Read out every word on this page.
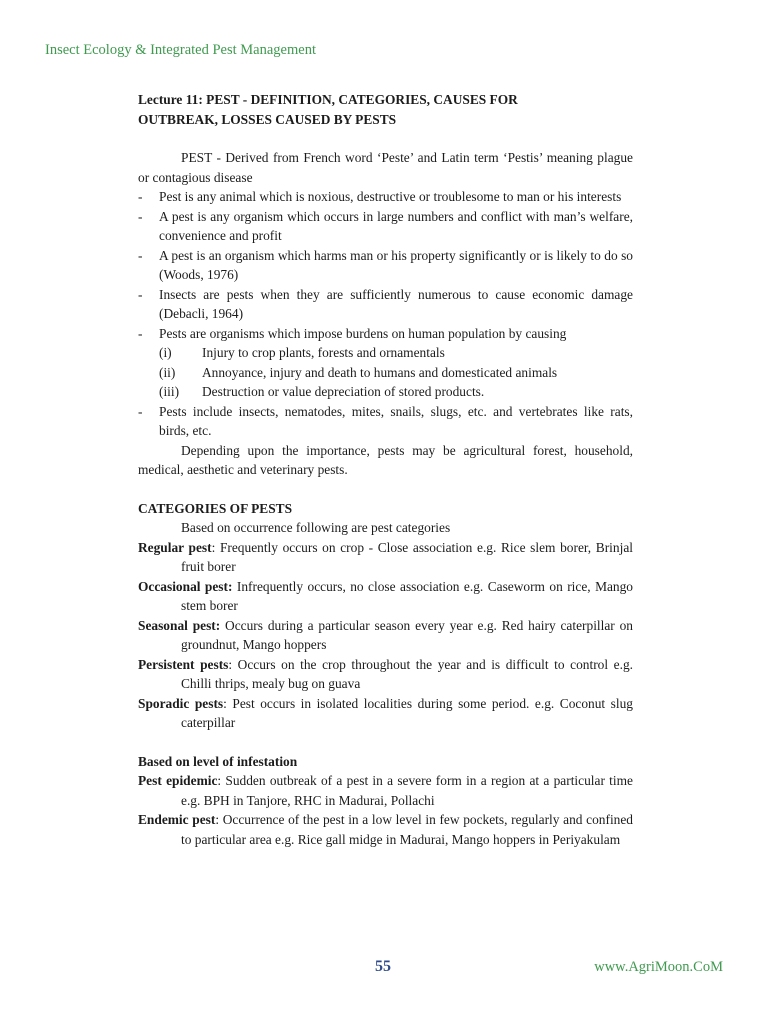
Insect Ecology & Integrated Pest Management
Lecture 11: PEST - DEFINITION, CATEGORIES, CAUSES FOR
OUTBREAK, LOSSES CAUSED BY PESTS

PEST - Derived from French word ‘Peste’ and Latin term ‘Pestis’ meaning plague or contagious disease

- Pest is any animal which is noxious, destructive or troublesome to man or his interests

- A pest is any organism which occurs in large numbers and conflict with man’s welfare, convenience and profit

- A pest is an organism which harms man or his property significantly or is likely to do so (Woods, 1976)

- Insects are pests when they are sufficiently numerous to cause economic damage (Debacli, 1964)

- Pests are organisms which impose burdens on human population by causing

(i) Injury to crop plants, forests and ornamentals

(ii) Annoyance, injury and death to humans and domesticated animals

(iii) Destruction or value depreciation of stored products.

- Pests include insects, nematodes, mites, snails, slugs, etc. and vertebrates like rats, birds, etc.

Depending upon the importance, pests may be agricultural forest, household, medical, aesthetic and veterinary pests.

CATEGORIES OF PESTS

Based on occurrence following are pest categories

Regular pest: Frequently occurs on crop - Close association e.g. Rice slem borer, Brinjal fruit borer

Occasional pest: Infrequently occurs, no close association e.g. Caseworm on rice, Mango stem borer

Seasonal pest: Occurs during a particular season every year e.g. Red hairy caterpillar on groundnut, Mango hoppers

Persistent pests: Occurs on the crop throughout the year and is difficult to control e.g. Chilli thrips, mealy bug on guava

Sporadic pests: Pest occurs in isolated localities during some period. e.g. Coconut slug caterpillar

Based on level of infestation

Pest epidemic: Sudden outbreak of a pest in a severe form in a region at a particular time e.g. BPH in Tanjore, RHC in Madurai, Pollachi

Endemic pest: Occurrence of the pest in a low level in few pockets, regularly and confined to particular area e.g. Rice gall midge in Madurai, Mango hoppers in Periyakulam

55	www.AgriMoon.CoM
